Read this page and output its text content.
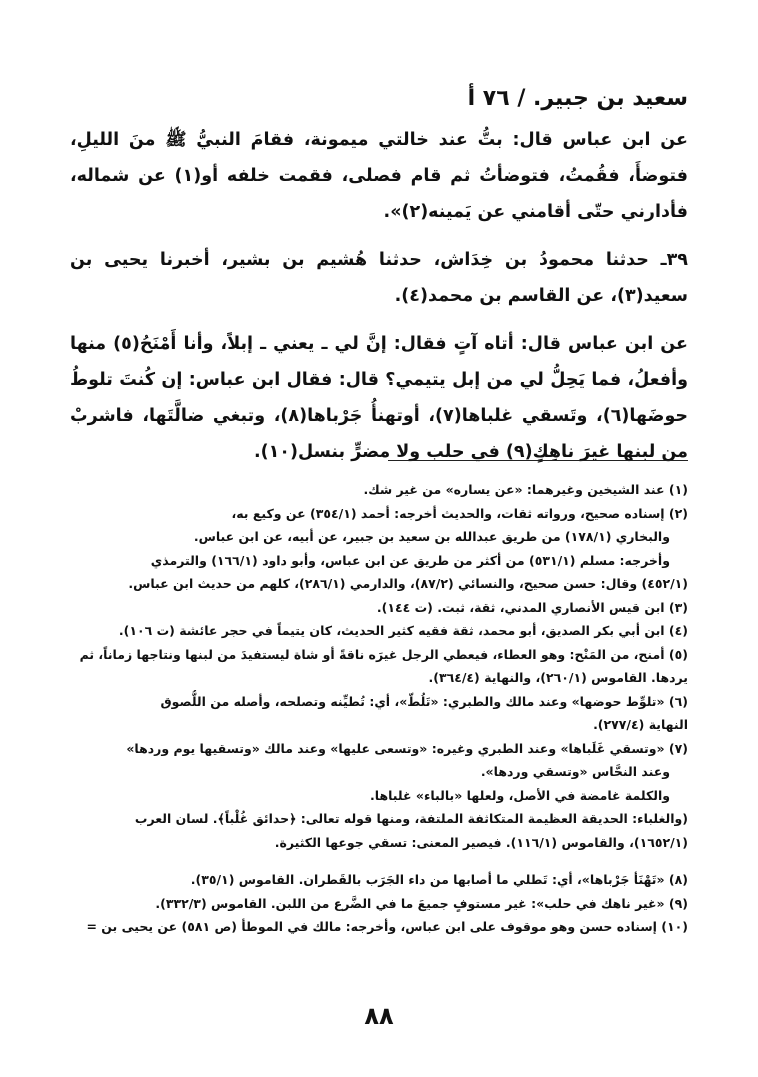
سعيد بن جبير. / ٧٦ أ

عن ابن عباس قال: بتُّ عند خالتي ميمونة، فقامَ النبيُّ ﷺ منَ الليلِ، فتوضأَ، فقُمتُ، فتوضأتُ ثم قام فصلى، فقمت خلفه أو(١) عن شماله، فأدارني حتّى أقامني عن يَمينه(٢)».

٣٩ـ حدثنا محمودُ بن خِدَاش، حدثنا هُشيم بن بشير، أخبرنا يحيى بن سعيد(٣)، عن القاسم بن محمد(٤).

عن ابن عباس قال: أتاه آتٍ فقال: إنَّ لي ـ يعني ـ إبلاً، وأنا أَمْنَحُ(٥) منها وأفعلُ، فما يَحِلُّ لي من إبل يتيمي؟ قال: فقال ابن عباس: إن كُنتَ تلوطُ حوضَها(٦)، وتَسقي غلباها(٧)، أوتهنأُ جَرْباها(٨)، وتبغي ضالَّتَها، فاشربْ من لبنها غيرَ ناهِكٍ(٩) في حلب ولا مضرٍّ بنسل(١٠).

(١) عند الشيخين وغيرهما: «عن يساره» من غير شك.

(٢) إسناده صحيح، ورواته ثقات، والحديث أخرجه: أحمد (٣٥٤/١) عن وكيع به،

والبخاري (١٧٨/١) من طريق عبدالله بن سعيد بن جبير، عن أبيه، عن ابن عباس.

وأخرجه: مسلم (٥٣١/١) من أكثر من طريق عن ابن عباس، وأبو داود (١٦٦/١) والترمذي

(٤٥٢/١) وقال: حسن صحيح، والنسائي (٨٧/٢)، والدارمي (٢٨٦/١)، كلهم من حديث ابن عباس.

(٣) ابن قيس الأنصاري المدني، ثقة، ثبت. (ت ١٤٤).

(٤) ابن أبي بكر الصديق، أبو محمد، ثقة فقيه كثير الحديث، كان يتيماً في حجر عائشة (ت ١٠٦).

(٥) أمنح، من المَنْح: وهو العطاء، فيعطي الرجل غيرَه ناقةً أو شاة ليستفيدَ من لبنها ونتاجها زماناً، ثم

يردها. القاموس (٢٦٠/١)، والنهاية (٣٦٤/٤).

(٦) «تلوِّط حوضها» وعند مالك والطبري: «تَلُطّ»، أي: تُطيِّنه وتصلحه، وأصله من اللُّصوق

النهاية (٢٧٧/٤).

(٧) «وتسقي غَلَباها» وعند الطبري وغيره: «وتسعى عليها» وعند مالك «وتسقيها يوم وردها»

وعند النحَّاس «وتسقي وردها».

والكلمة غامضة في الأصل، ولعلها «بالباء» غلباها.

(والغلباء: الحديقة العظيمة المتكاثفة الملتفة، ومنها قوله تعالى: ﴿حدائق غُلْباً﴾. لسان العرب

(١٦٥٢/١)، والقاموس (١١٦/١). فيصير المعنى: تسقي جوعها الكثيرة.

(٨) «تَهْنَأ جَرْباها»، أي: تَطلي ما أصابها من داء الجَرَب بالقَطران. القاموس (٣٥/١).

(٩) «غير ناهك في حلب»: غير مستوفٍ جميعَ ما في الضَّرع من اللبن. القاموس (٣٣٢/٣).

(١٠) إسناده حسن وهو موقوف على ابن عباس، وأخرجه: مالك في الموطأ (ص ٥٨١) عن يحيى بن =

٨٨
